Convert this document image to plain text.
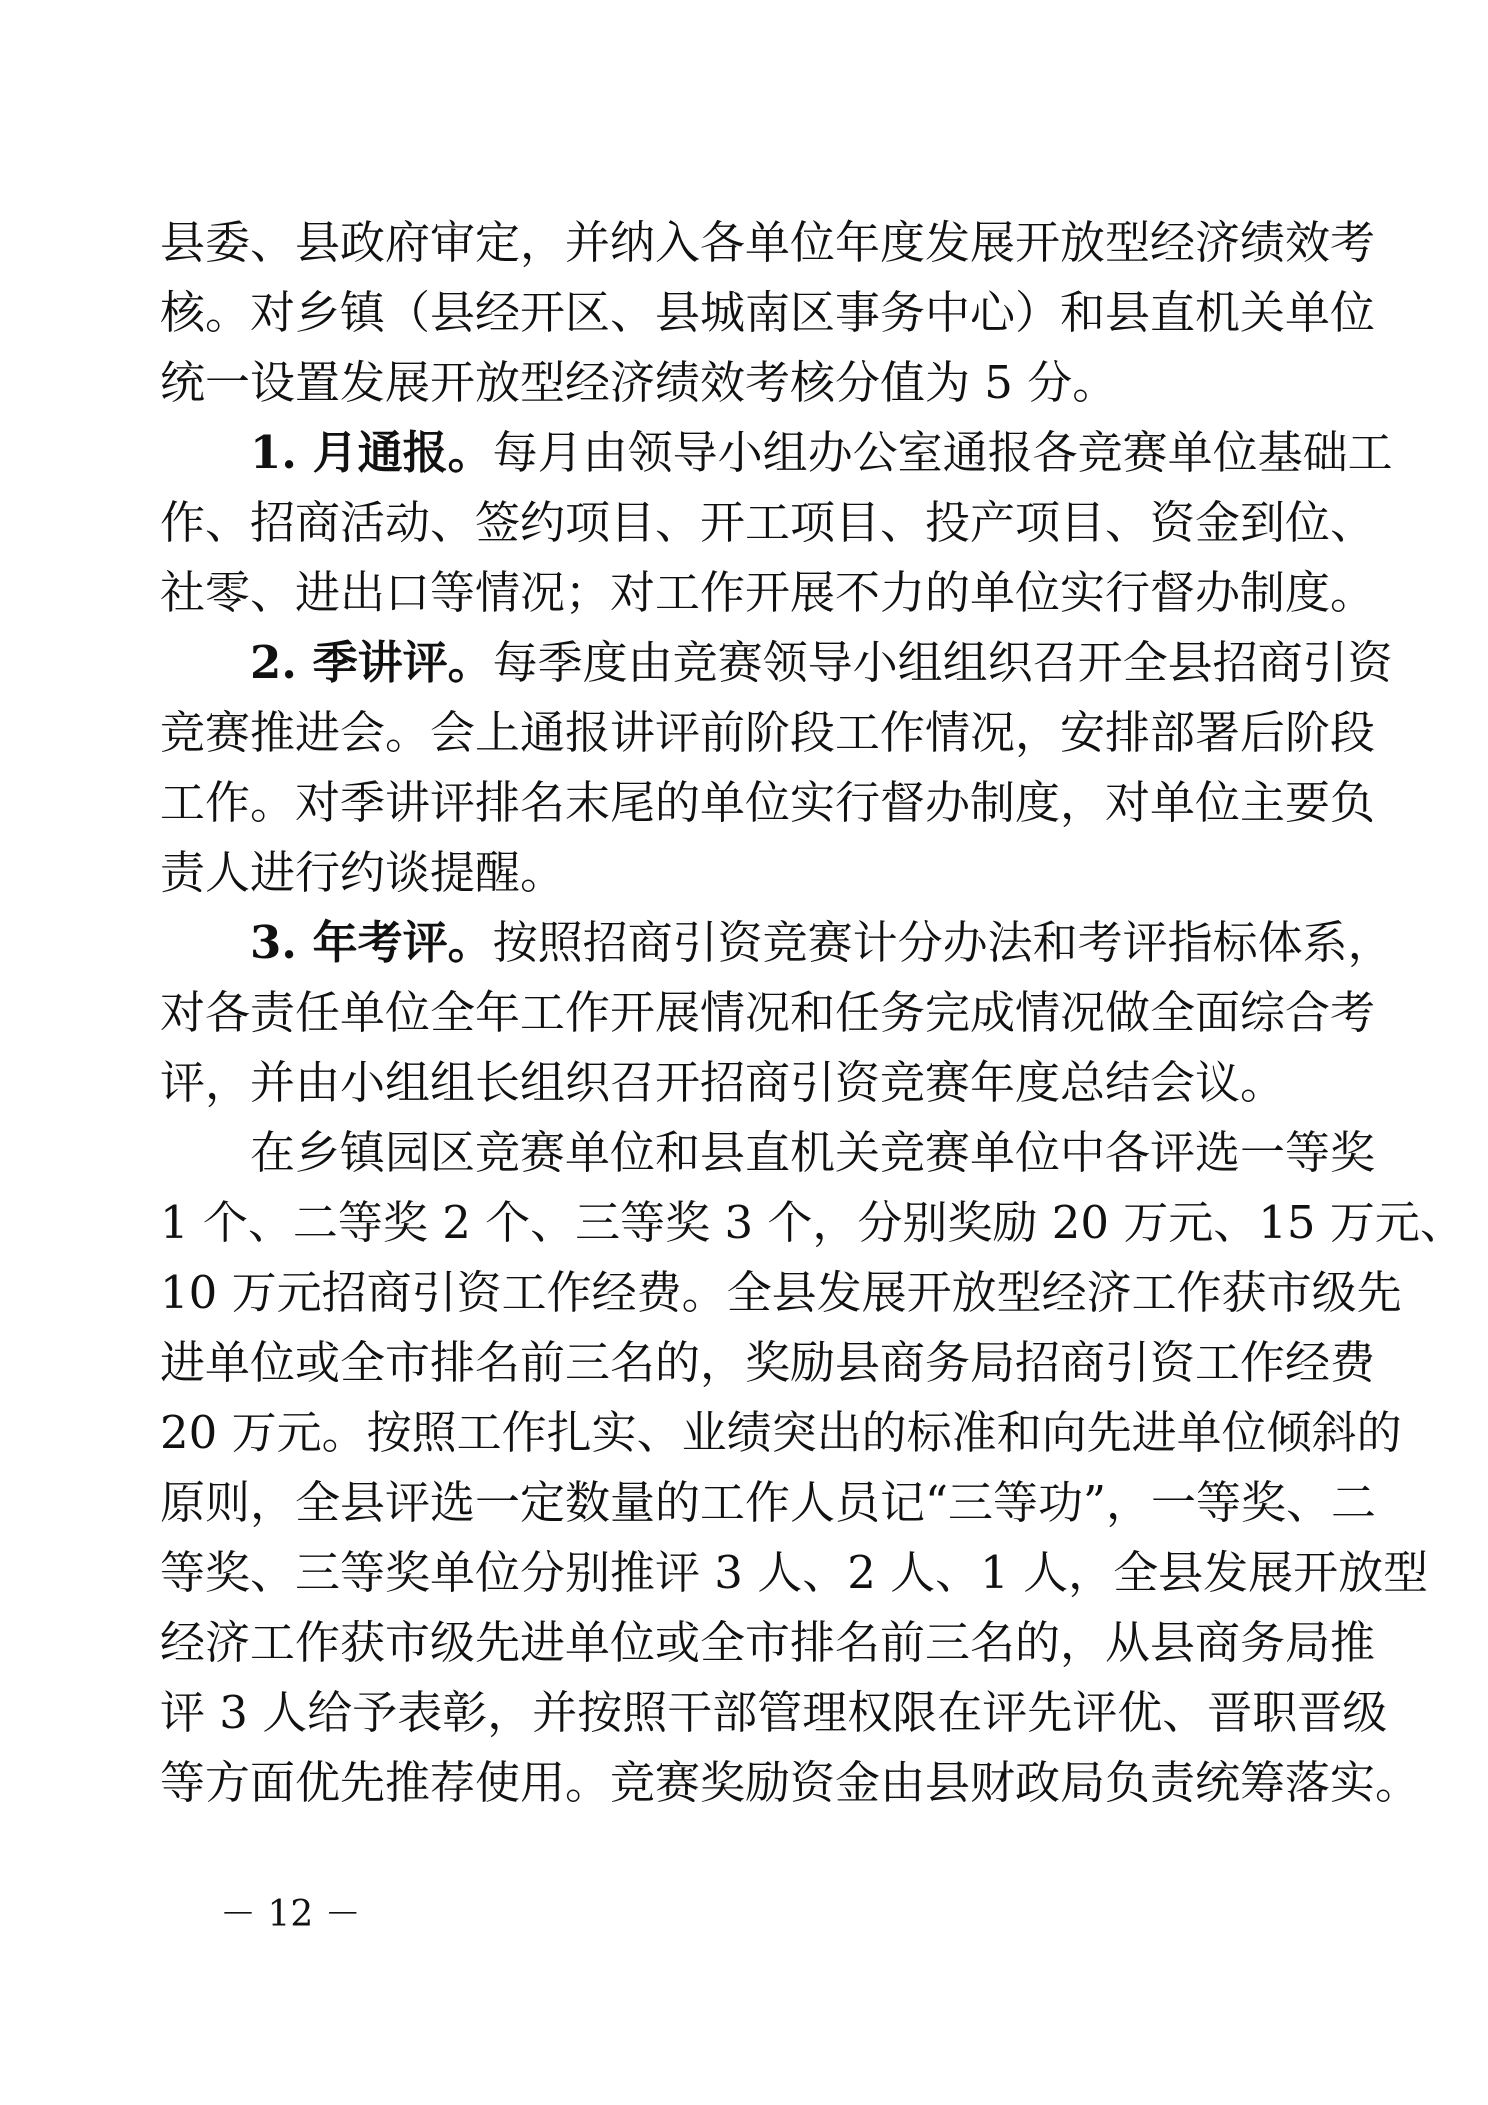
县委、县政府审定，并纳入各单位年度发展开放型经济绩效考
核。对乡镇（县经开区、县城南区事务中心）和县直机关单位
统一设置发展开放型经济绩效考核分值为 5 分。
1. 月通报。每月由领导小组办公室通报各竞赛单位基础工
作、招商活动、签约项目、开工项目、投产项目、资金到位、
社零、进出口等情况；对工作开展不力的单位实行督办制度。
2. 季讲评。每季度由竞赛领导小组组织召开全县招商引资
竞赛推进会。会上通报讲评前阶段工作情况，安排部署后阶段
工作。对季讲评排名末尾的单位实行督办制度，对单位主要负
责人进行约谈提醒。
3. 年考评。按照招商引资竞赛计分办法和考评指标体系，
对各责任单位全年工作开展情况和任务完成情况做全面综合考
评，并由小组组长组织召开招商引资竞赛年度总结会议。
在乡镇园区竞赛单位和县直机关竞赛单位中各评选一等奖
1 个、二等奖 2 个、三等奖 3 个，分别奖励 20 万元、15 万元、
10 万元招商引资工作经费。全县发展开放型经济工作获市级先
进单位或全市排名前三名的，奖励县商务局招商引资工作经费
20 万元。按照工作扎实、业绩突出的标准和向先进单位倾斜的
原则，全县评选一定数量的工作人员记“三等功”，一等奖、二
等奖、三等奖单位分别推评 3 人、2 人、1 人，全县发展开放型
经济工作获市级先进单位或全市排名前三名的，从县商务局推
评 3 人给予表彰，并按照干部管理权限在评先评优、晋职晋级
等方面优先推荐使用。竞赛奖励资金由县财政局负责统筹落实。
－ 12 －
